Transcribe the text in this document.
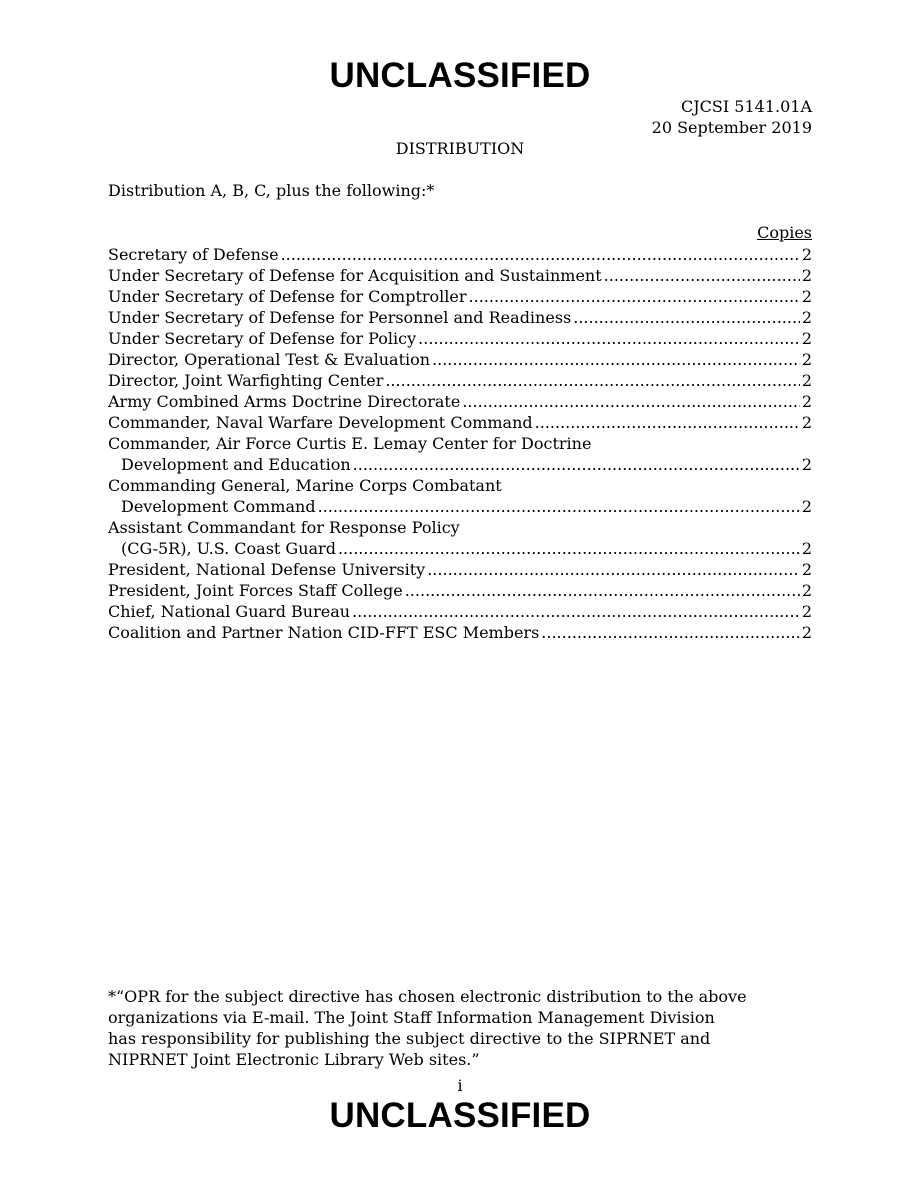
UNCLASSIFIED
CJCSI 5141.01A
20 September 2019
DISTRIBUTION
Distribution A, B, C, plus the following:*
Copies
Secretary of Defense .....	2
Under Secretary of Defense for Acquisition and Sustainment .....	2
Under Secretary of Defense for Comptroller .....	2
Under Secretary of Defense for Personnel and Readiness .....	2
Under Secretary of Defense for Policy .....	2
Director, Operational Test & Evaluation .....	2
Director, Joint Warfighting Center .....	2
Army Combined Arms Doctrine Directorate .....	2
Commander, Naval Warfare Development Command .....	2
Commander, Air Force Curtis E. Lemay Center for Doctrine
Development and Education .....	2
Commanding General, Marine Corps Combatant
Development Command .....	2
Assistant Commandant for Response Policy
(CG-5R), U.S. Coast Guard .....	2
President, National Defense University .....	2
President, Joint Forces Staff College .....	2
Chief, National Guard Bureau .....	2
Coalition and Partner Nation CID-FFT ESC Members .....	2
*“OPR for the subject directive has chosen electronic distribution to the above
organizations via E-mail. The Joint Staff Information Management Division
has responsibility for publishing the subject directive to the SIPRNET and
NIPRNET Joint Electronic Library Web sites.”
i
UNCLASSIFIED
